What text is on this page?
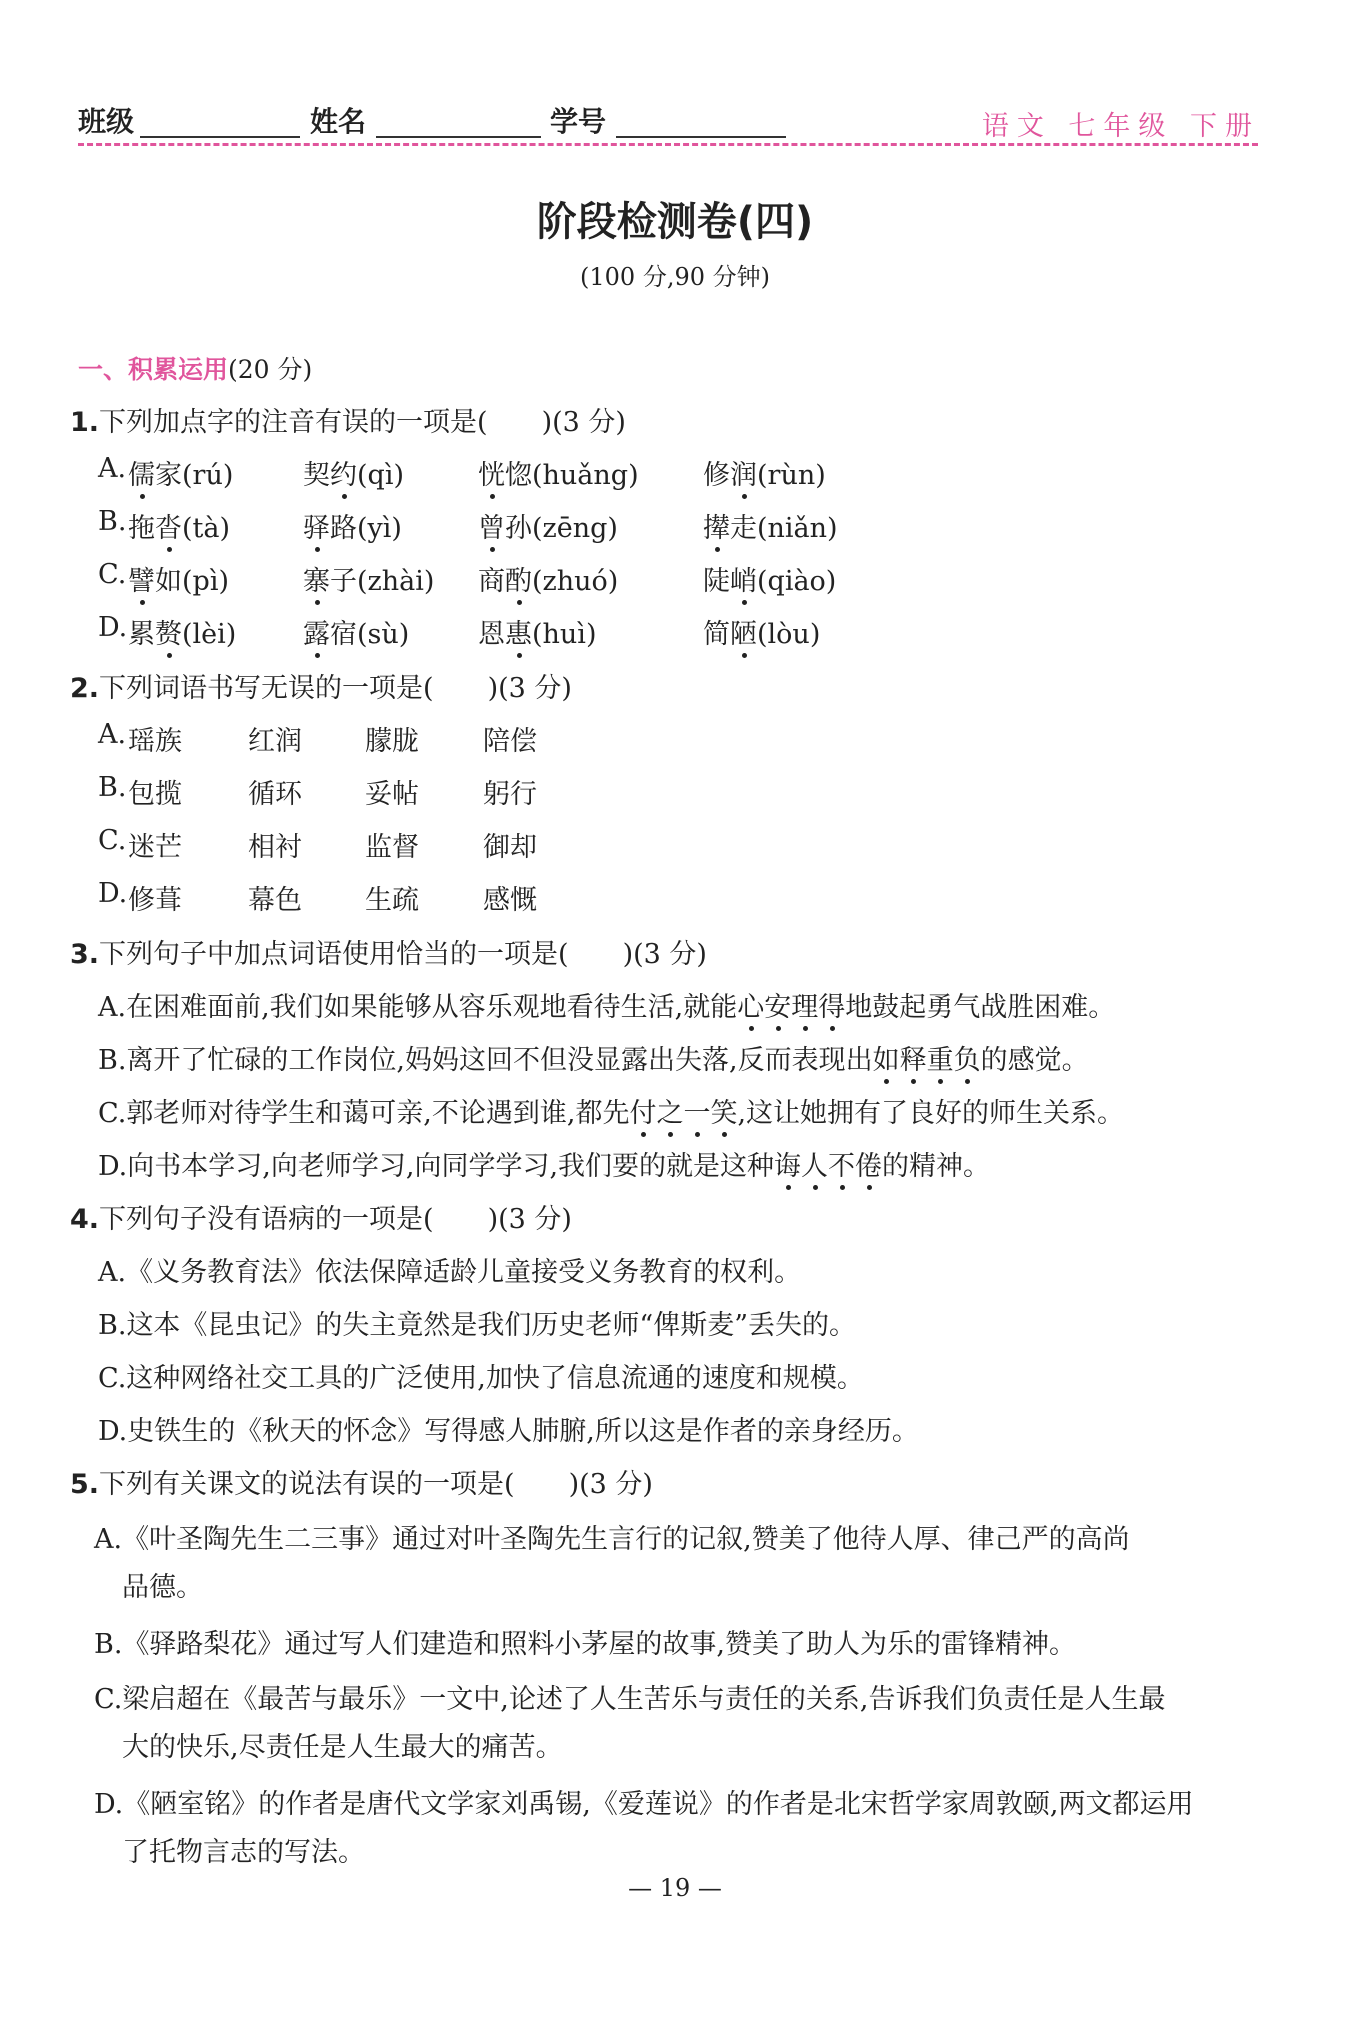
班级	姓名	学号	语文 七年级 下册
阶段检测卷(四)
(100 分,90 分钟)
一、积累运用(20 分)
1.下列加点字的注音有误的一项是(　　)(3 分)
A. 儒家(rú)	契约(qì)	恍惚(huǎng) 修润(rùn)
B. 拖沓(tà)	驿路(yì)	曾孙(zēng)	撵走(niǎn)
C. 譬如(pì)	寨子(zhài) 商酌(zhuó)	陡峭(qiào)
D. 累赘(lèi) 露宿(sù)	恩惠(huì)	简陋(lòu)
2.下列词语书写无误的一项是(　　)(3 分)
A. 瑶族 红润 朦胧 陪偿
B. 包揽 循环 妥帖 躬行
C. 迷芒 相衬 监督 御却
D. 修葺 幕色 生疏 感慨
3.下列句子中加点词语使用恰当的一项是(　　)(3 分)
A.在困难面前,我们如果能够从容乐观地看待生活,就能心安理得地鼓起勇气战胜困难。
B.离开了忙碌的工作岗位,妈妈这回不但没显露出失落,反而表现出如释重负的感觉。
C.郭老师对待学生和蔼可亲,不论遇到谁,都先付之一笑,这让她拥有了良好的师生关系。
D.向书本学习,向老师学习,向同学学习,我们要的就是这种诲人不倦的精神。
4.下列句子没有语病的一项是(　　)(3 分)
A.《义务教育法》依法保障适龄儿童接受义务教育的权利。
B.这本《昆虫记》的失主竟然是我们历史老师“俾斯麦”丢失的。
C.这种网络社交工具的广泛使用,加快了信息流通的速度和规模。
D.史铁生的《秋天的怀念》写得感人肺腑,所以这是作者的亲身经历。
5.下列有关课文的说法有误的一项是(　　)(3 分)
A.《叶圣陶先生二三事》通过对叶圣陶先生言行的记叙,赞美了他待人厚、律己严的高尚
品德。
B.《驿路梨花》通过写人们建造和照料小茅屋的故事,赞美了助人为乐的雷锋精神。
C.梁启超在《最苦与最乐》一文中,论述了人生苦乐与责任的关系,告诉我们负责任是人生最
大的快乐,尽责任是人生最大的痛苦。
D.《陋室铭》的作者是唐代文学家刘禹锡,《爱莲说》的作者是北宋哲学家周敦颐,两文都运用
了托物言志的写法。
— 19 —
